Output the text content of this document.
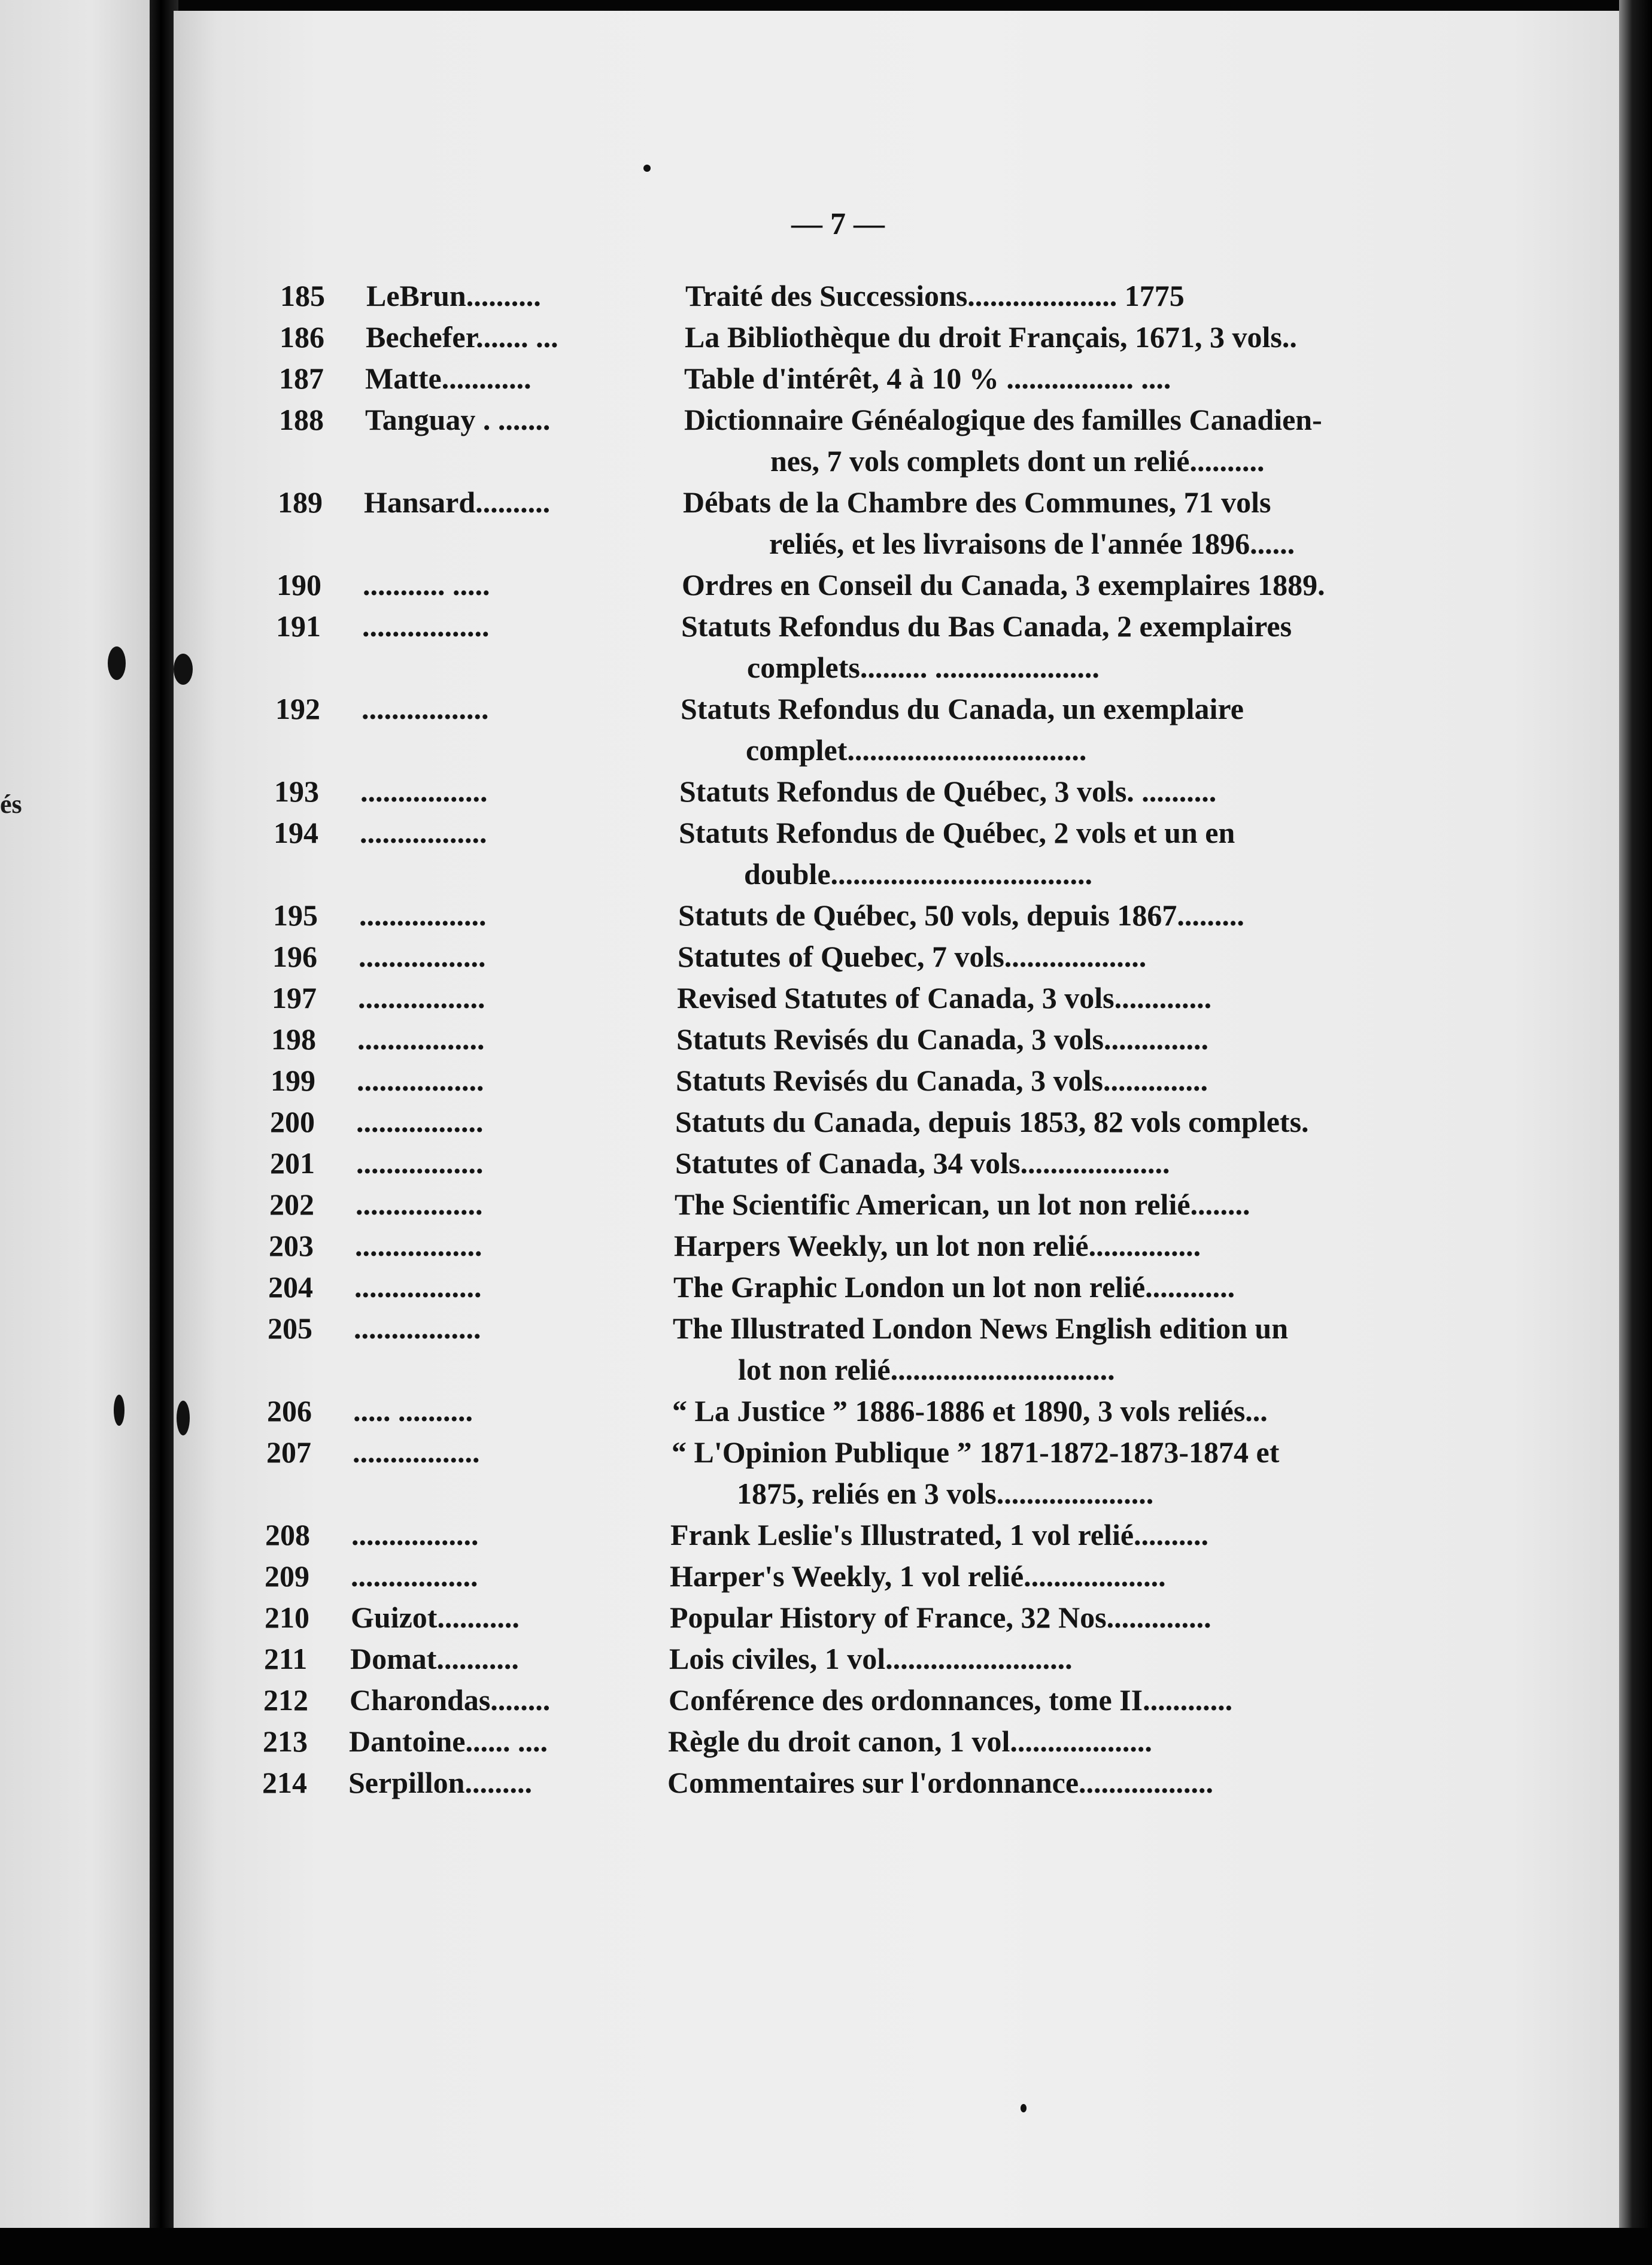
és
— 7 —
185 LeBrun..........	Traité des Successions.................... 1775
186 Bechefer....... ...	La Bibliothèque du droit Français, 1671, 3 vols..
187 Matte............	Table d'intérêt, 4 à 10 % ................. ....
188 Tanguay . .......	Dictionnaire Généalogique des familles Canadien-
nes, 7 vols complets dont un relié..........
189 Hansard..........	Débats de la Chambre des Communes, 71 vols
reliés, et les livraisons de l'année 1896......
190 ........... .....	Ordres en Conseil du Canada, 3 exemplaires 1889.
191 .................	Statuts Refondus du Bas Canada, 2 exemplaires
complets......... ......................
192 .................	Statuts Refondus du Canada, un exemplaire
complet................................
193 .................	Statuts Refondus de Québec, 3 vols. ..........
194 .................	Statuts Refondus de Québec, 2 vols et un en
double...................................
195 .................	Statuts de Québec, 50 vols, depuis 1867.........
196 .................	Statutes of Quebec, 7 vols...................
197 .................	Revised Statutes of Canada, 3 vols.............
198 .................	Statuts Revisés du Canada, 3 vols..............
199 .................	Statuts Revisés du Canada, 3 vols..............
200 .................	Statuts du Canada, depuis 1853, 82 vols complets.
201 .................	Statutes of Canada, 34 vols....................
202 .................	The Scientific American, un lot non relié........
203 .................	Harpers Weekly, un lot non relié...............
204 .................	The Graphic London un lot non relié............
205 .................	The Illustrated London News English edition un
lot non relié..............................
206 ..... ..........	“ La Justice ” 1886-1886 et 1890, 3 vols reliés...
207 .................	“ L'Opinion Publique ” 1871-1872-1873-1874 et
1875, reliés en 3 vols.....................
208 .................	Frank Leslie's Illustrated, 1 vol relié..........
209 .................	Harper's Weekly, 1 vol relié...................
210 Guizot...........	Popular History of France, 32 Nos..............
211 Domat...........	Lois civiles, 1 vol.........................
212 Charondas........	Conférence des ordonnances, tome II............
213 Dantoine...... ....	Règle du droit canon, 1 vol...................
214 Serpillon.........	Commentaires sur l'ordonnance..................
